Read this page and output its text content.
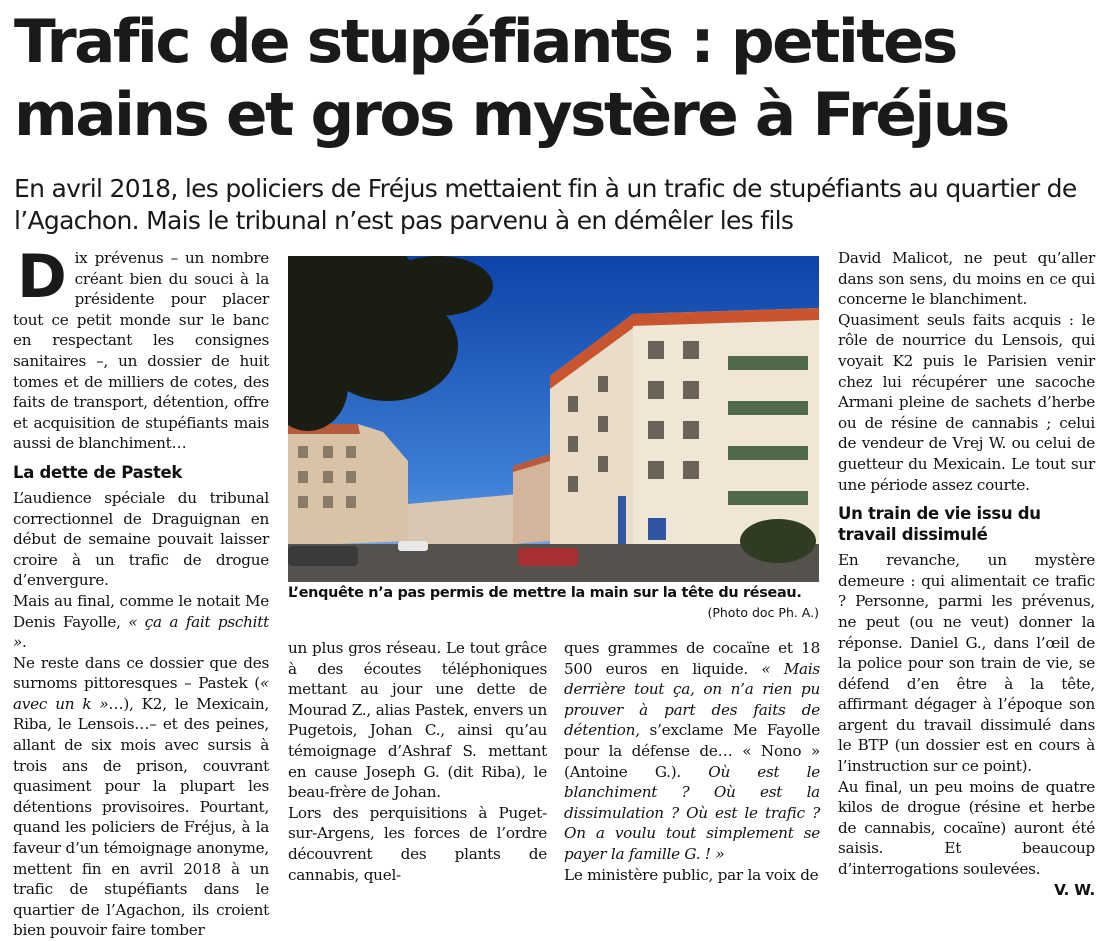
Trafic de stupéfiants : petites mains et gros mystère à Fréjus
En avril 2018, les policiers de Fréjus mettaient fin à un trafic de stupéfiants au quartier de l’Agachon. Mais le tribunal n’est pas parvenu à en démêler les fils

Dix prévenus – un nombre créant bien du souci à la présidente pour placer tout ce petit monde sur le banc en respectant les consignes sanitaires –, un dossier de huit tomes et de milliers de cotes, des faits de transport, détention, offre et acquisition de stupéfiants mais aussi de blanchiment…

La dette de Pastek

L’audience spéciale du tribunal correctionnel de Draguignan en début de semaine pouvait laisser croire à un trafic de drogue d’envergure.

Mais au final, comme le notait Me Denis Fayolle, « ça a fait pschitt ».

Ne reste dans ce dossier que des surnoms pittoresques – Pastek (« avec un k »…), K2, le Mexicain, Riba, le Lensois…– et des peines, allant de six mois avec sursis à trois ans de prison, couvrant quasiment pour la plupart les détentions provisoires. Pourtant, quand les policiers de Fréjus, à la faveur d’un témoignage anonyme, mettent fin en avril 2018 à un trafic de stupéfiants dans le quartier de l’Agachon, ils croient bien pouvoir faire tomber

L’enquête n’a pas permis de mettre la main sur la tête du réseau.
(Photo doc Ph. A.)

un plus gros réseau. Le tout grâce à des écoutes téléphoniques mettant au jour une dette de Mourad Z., alias Pastek, envers un Pugetois, Johan C., ainsi qu’au témoignage d’Ashraf S. mettant en cause Joseph G. (dit Riba), le beau-frère de Johan.

Lors des perquisitions à Puget-sur-Argens, les forces de l’ordre découvrent des plants de cannabis, quel-

ques grammes de cocaïne et 18 500 euros en liquide. « Mais derrière tout ça, on n’a rien pu prouver à part des faits de détention, s’exclame Me Fayolle pour la défense de… « Nono » (Antoine G.). Où est le blanchiment ? Où est la dissimulation ? Où est le trafic ? On a voulu tout simplement se payer la famille G. ! »

Le ministère public, par la voix de

David Malicot, ne peut qu’aller dans son sens, du moins en ce qui concerne le blanchiment.

Quasiment seuls faits acquis : le rôle de nourrice du Lensois, qui voyait K2 puis le Parisien venir chez lui récupérer une sacoche Armani pleine de sachets d’herbe ou de résine de cannabis ; celui de vendeur de Vrej W. ou celui de guetteur du Mexicain. Le tout sur une période assez courte.

Un train de vie issu du travail dissimulé

En revanche, un mystère demeure : qui alimentait ce trafic ? Personne, parmi les prévenus, ne peut (ou ne veut) donner la réponse. Daniel G., dans l’œil de la police pour son train de vie, se défend d’en être à la tête, affirmant dégager à l’époque son argent du travail dissimulé dans le BTP (un dossier est en cours à l’instruction sur ce point).

Au final, un peu moins de quatre kilos de drogue (résine et herbe de cannabis, cocaïne) auront été saisis. Et beaucoup d’interrogations soulevées.

V. W.
